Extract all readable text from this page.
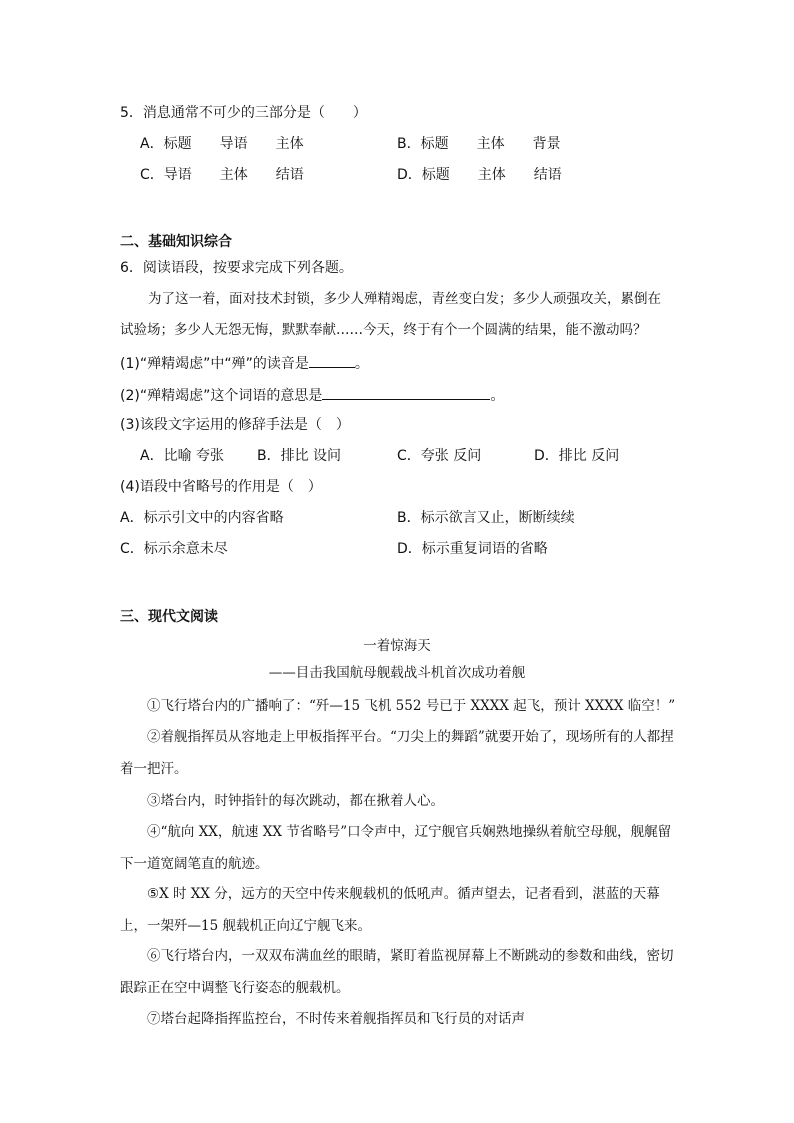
5．消息通常不可少的三部分是（　　）
A．标题　　导语　　主体	B．标题　　主体　　背景
C．导语　　主体　　结语	D．标题　　主体　　结语
二、基础知识综合
6．阅读语段，按要求完成下列各题。
为了这一着，面对技术封锁，多少人殚精竭虑，青丝变白发；多少人顽强攻关，累倒在
试验场；多少人无怨无悔，默默奉献……今天，终于有个一个圆满的结果，能不激动吗？
(1)“殚精竭虑”中“殚”的读音是	。
(2)“殚精竭虑”这个词语的意思是	。
(3)该段文字运用的修辞手法是（　）
A．比喻 夸张 B．排比 设问	C．夸张 反问	D．排比 反问
(4)语段中省略号的作用是（　）
A．标示引文中的内容省略	B．标示欲言又止，断断续续
C．标示余意未尽	D．标示重复词语的省略
三、现代文阅读
一着惊海天
——目击我国航母舰载战斗机首次成功着舰
①飞行塔台内的广播响了：“歼—15 飞机 552 号已于 XXXX 起飞，预计 XXXX 临空！”
②着舰指挥员从容地走上甲板指挥平台。“刀尖上的舞蹈”就要开始了，现场所有的人都捏着一把汗。
③塔台内，时钟指针的每次跳动，都在揪着人心。
④“航向 XX，航速 XX 节省略号”口令声中，辽宁舰官兵娴熟地操纵着航空母舰，舰艉留下一道宽阔笔直的航迹。
⑤X 时 XX 分，远方的天空中传来舰载机的低吼声。循声望去，记者看到，湛蓝的天幕上，一架歼—15 舰载机正向辽宁舰飞来。
⑥飞行塔台内，一双双布满血丝的眼睛，紧盯着监视屏幕上不断跳动的参数和曲线，密切跟踪正在空中调整飞行姿态的舰载机。
⑦塔台起降指挥监控台，不时传来着舰指挥员和飞行员的对话声
